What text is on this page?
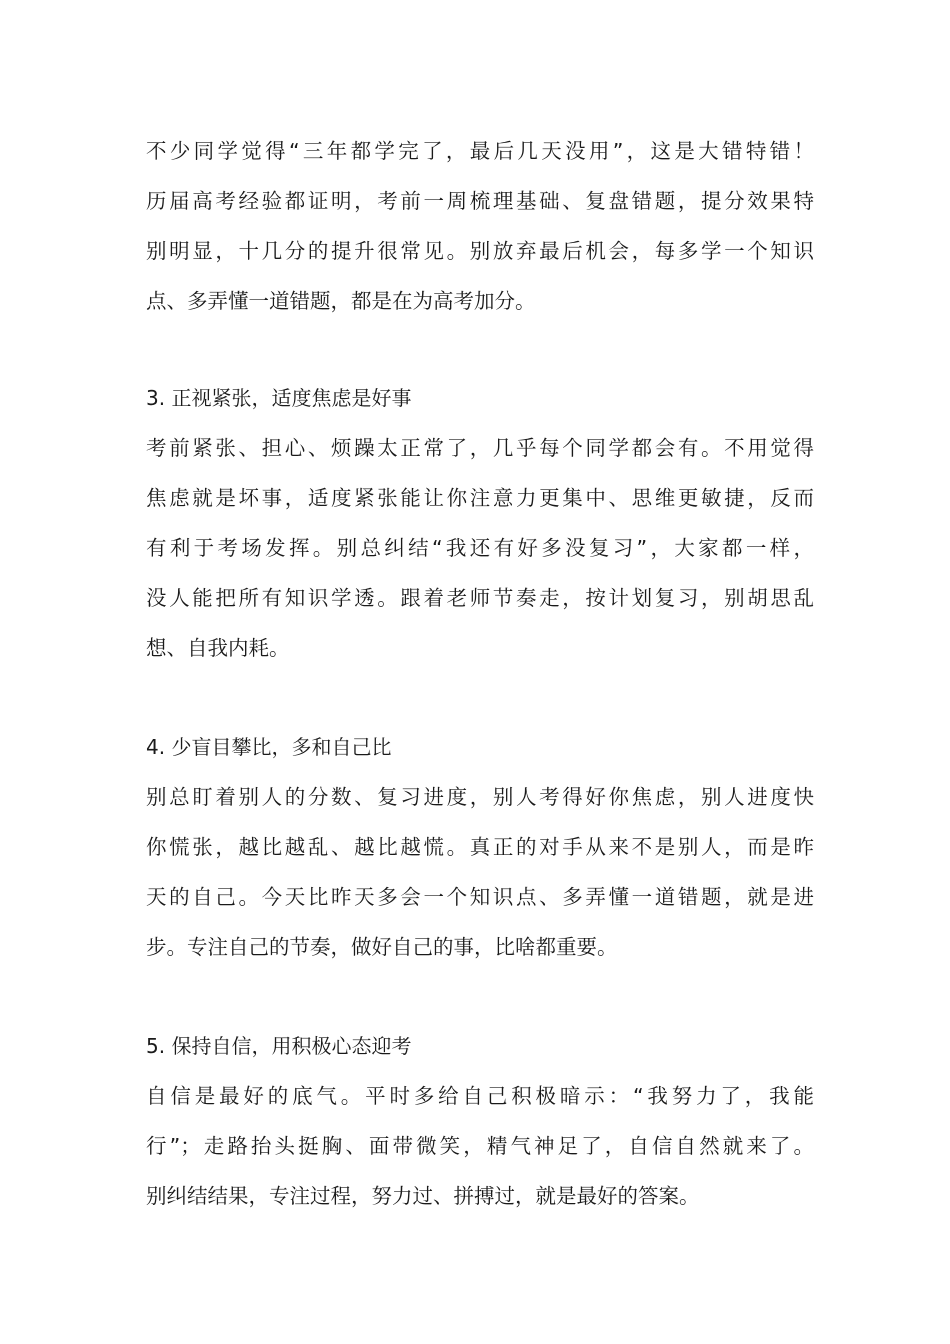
不少同学觉得“三年都学完了，最后几天没用”，这是大错特错！
历届高考经验都证明，考前一周梳理基础、复盘错题，提分效果特
别明显，十几分的提升很常见。别放弃最后机会，每多学一个知识
点、多弄懂一道错题，都是在为高考加分。
3. 正视紧张，适度焦虑是好事
考前紧张、担心、烦躁太正常了，几乎每个同学都会有。不用觉得
焦虑就是坏事，适度紧张能让你注意力更集中、思维更敏捷，反而
有利于考场发挥。别总纠结“我还有好多没复习”，大家都一样，
没人能把所有知识学透。跟着老师节奏走，按计划复习，别胡思乱
想、自我内耗。
4. 少盲目攀比，多和自己比
别总盯着别人的分数、复习进度，别人考得好你焦虑，别人进度快
你慌张，越比越乱、越比越慌。真正的对手从来不是别人，而是昨
天的自己。今天比昨天多会一个知识点、多弄懂一道错题，就是进
步。专注自己的节奏，做好自己的事，比啥都重要。
5. 保持自信，用积极心态迎考
自信是最好的底气。平时多给自己积极暗示：“我努力了，我能
行”；走路抬头挺胸、面带微笑，精气神足了，自信自然就来了。
别纠结结果，专注过程，努力过、拼搏过，就是最好的答案。
